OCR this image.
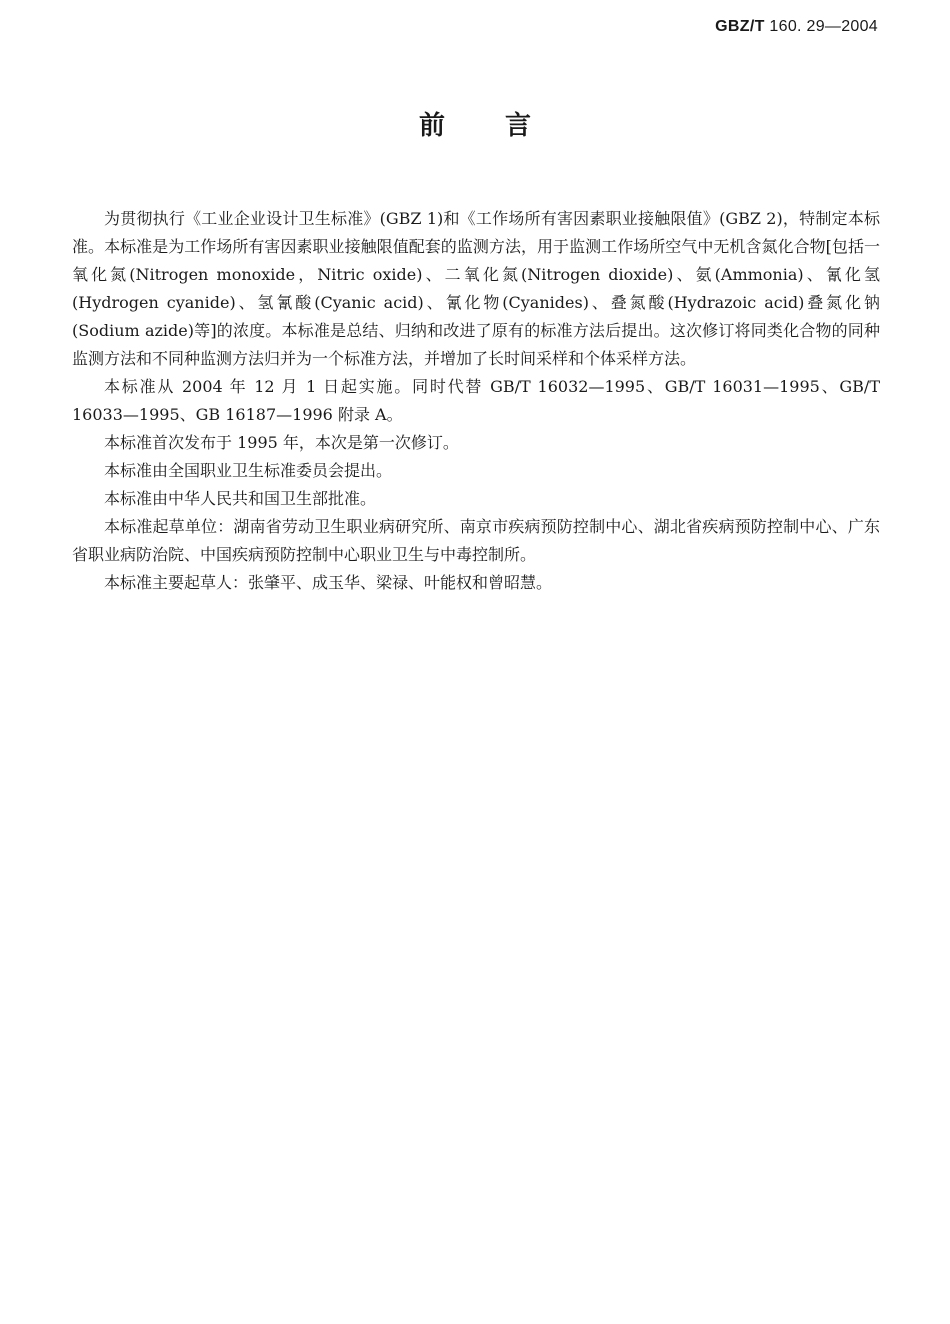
GBZ/T 160. 29—2004
前言

为贯彻执行《工业企业设计卫生标准》(GBZ 1)和《工作场所有害因素职业接触限值》(GBZ 2)，特制定本标准。本标准是为工作场所有害因素职业接触限值配套的监测方法，用于监测工作场所空气中无机含氮化合物[包括一氧化氮(Nitrogen monoxide，Nitric oxide)、二氧化氮(Nitrogen dioxide)、氨(Ammonia)、氰化氢(Hydrogen cyanide)、氢氰酸(Cyanic acid)、氰化物(Cyanides)、叠氮酸(Hydrazoic acid)叠氮化钠(Sodium azide)等]的浓度。本标准是总结、归纳和改进了原有的标准方法后提出。这次修订将同类化合物的同种监测方法和不同种监测方法归并为一个标准方法，并增加了长时间采样和个体采样方法。

本标准从 2004 年 12 月 1 日起实施。同时代替 GB/T 16032—1995、GB/T 16031—1995、GB/T 16033—1995、GB 16187—1996 附录 A。

本标准首次发布于 1995 年，本次是第一次修订。

本标准由全国职业卫生标准委员会提出。

本标准由中华人民共和国卫生部批准。

本标准起草单位：湖南省劳动卫生职业病研究所、南京市疾病预防控制中心、湖北省疾病预防控制中心、广东省职业病防治院、中国疾病预防控制中心职业卫生与中毒控制所。

本标准主要起草人：张肇平、成玉华、梁禄、叶能权和曾昭慧。
